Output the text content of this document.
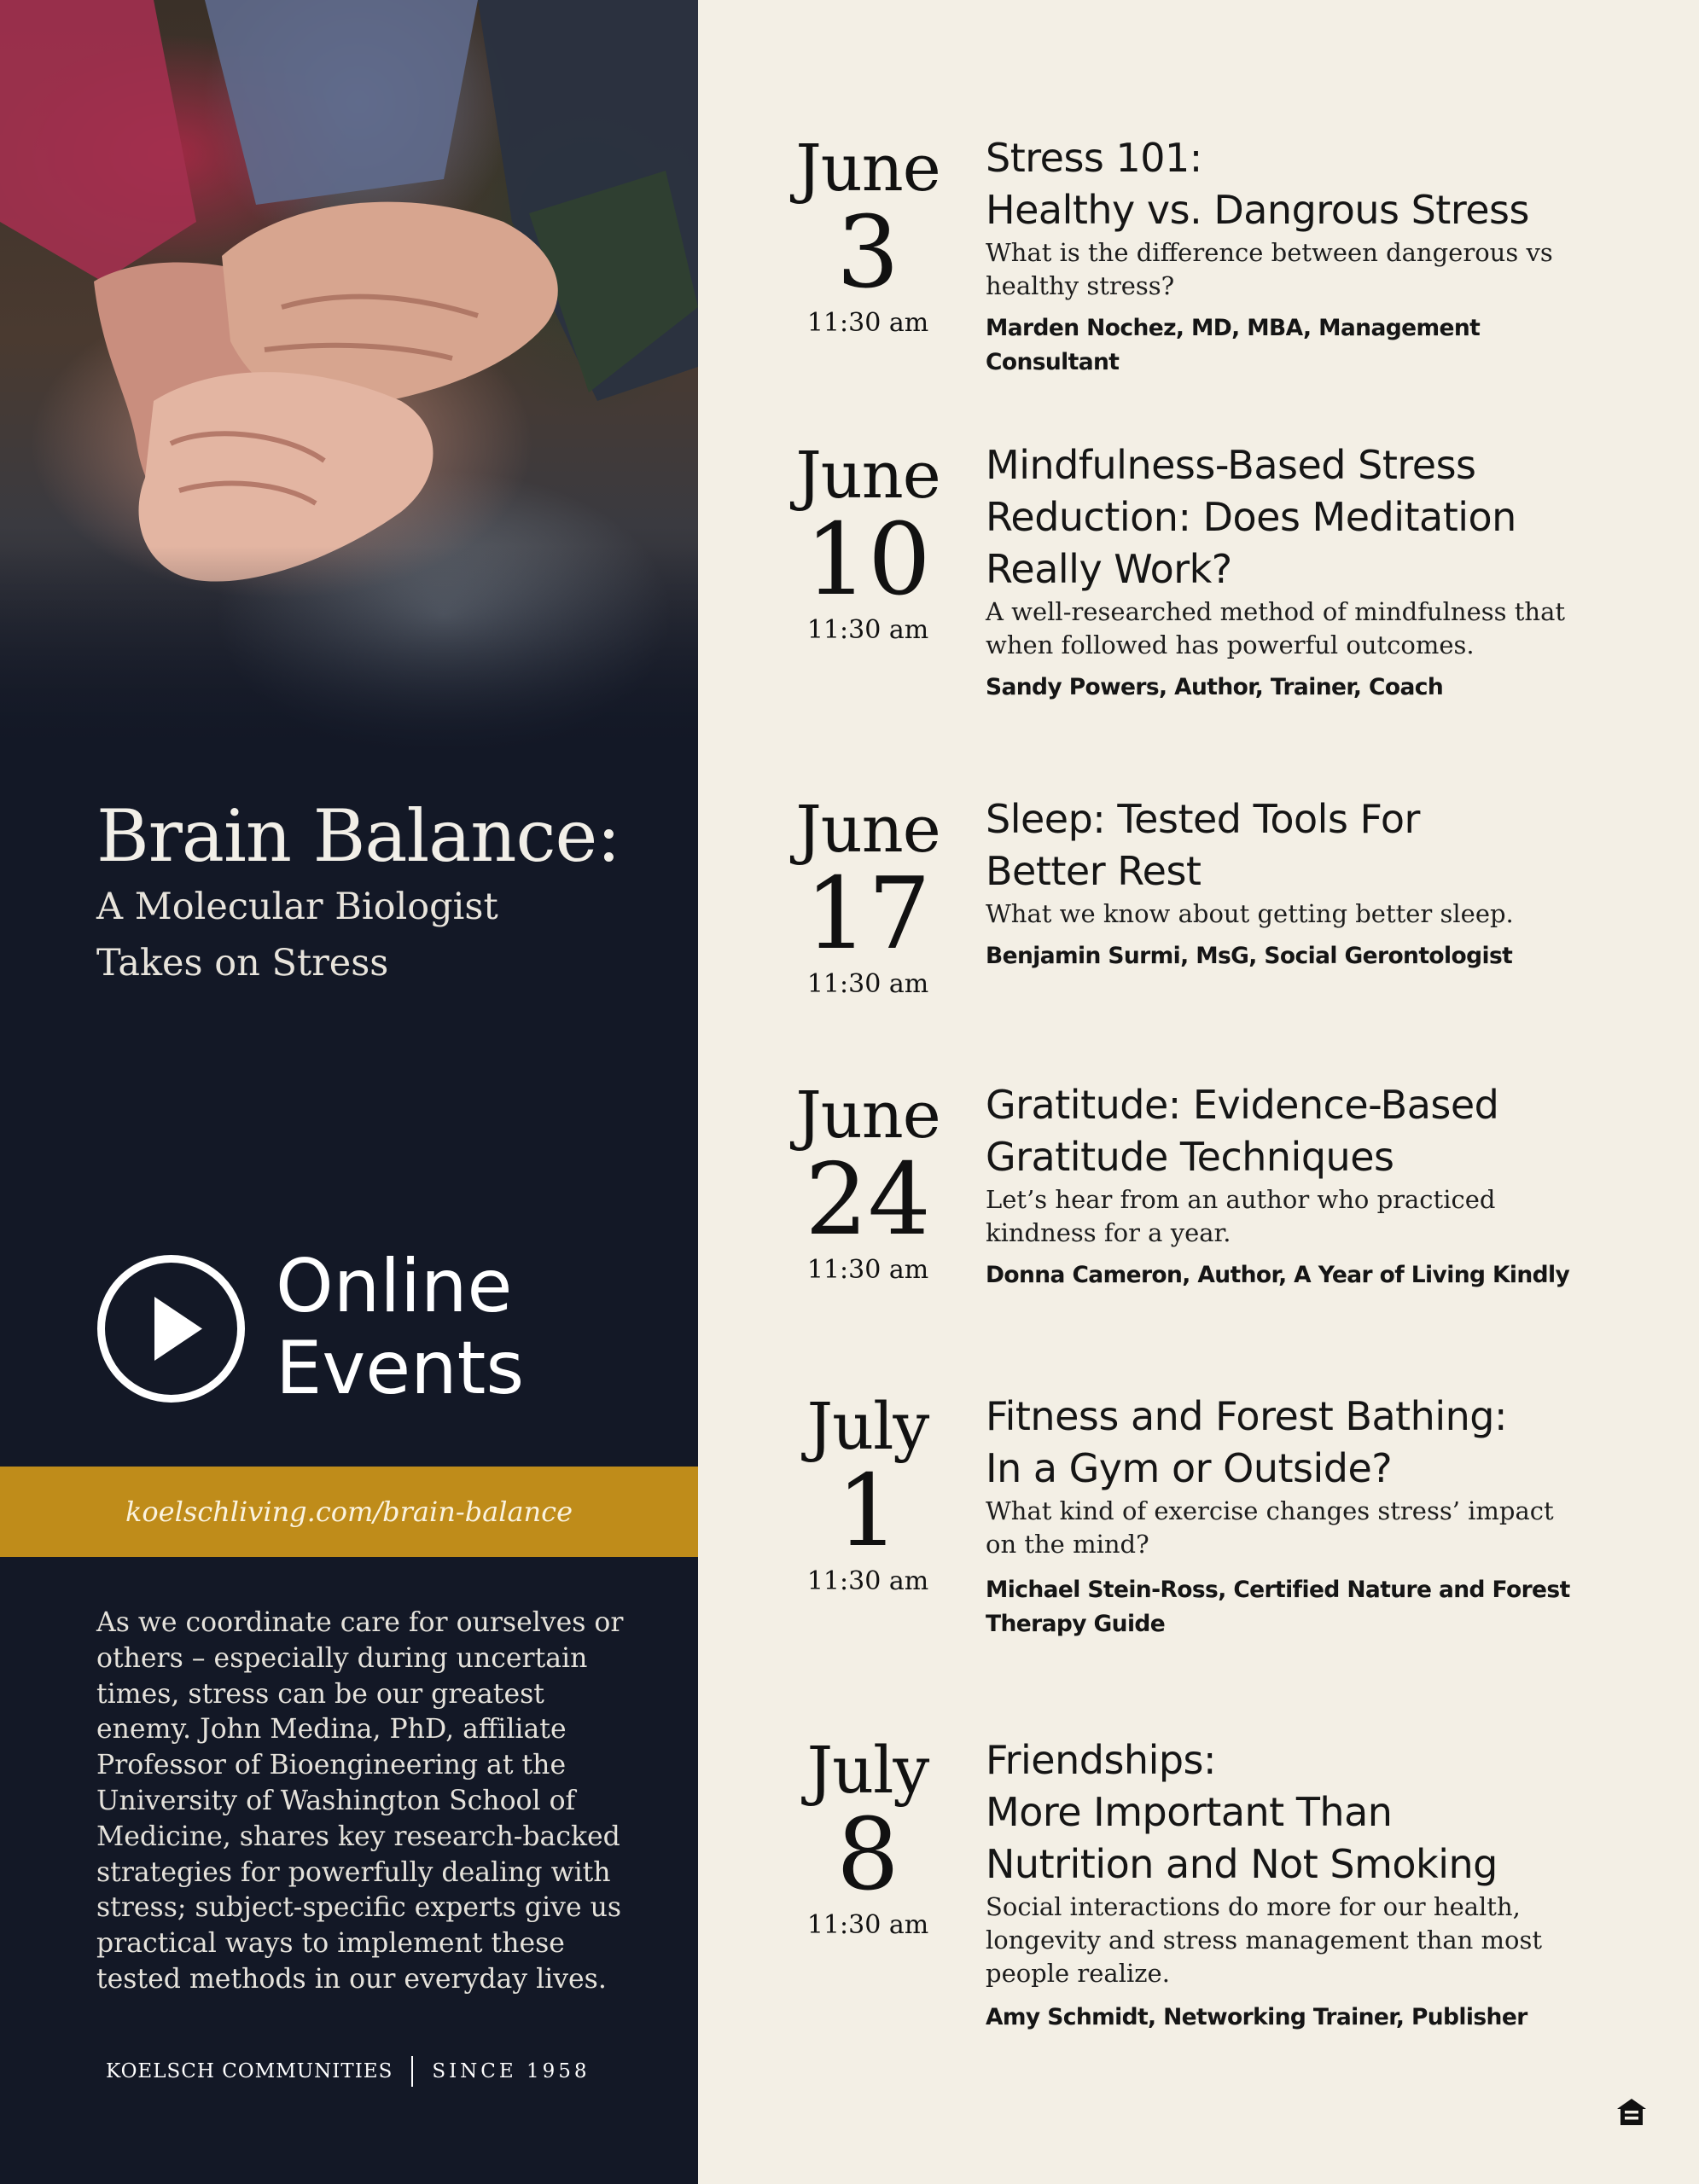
Brain Balance:

A Molecular Biologist
Takes on Stress

Online
Events
koelschliving.com/brain-balance

As we coordinate care for ourselves or others – especially during uncertain times, stress can be our greatest enemy. John Medina, PhD, affiliate Professor of Bioengineering at the University of Washington School of Medicine, shares key research-backed strategies for powerfully dealing with stress; subject-specific experts give us practical ways to implement these tested methods in our everyday lives.

KOELSCH COMMUNITIES SINCE 1958
June
3
11:30 am
Stress 101:
Healthy vs. Dangrous Stress

What is the difference between dangerous vs
healthy stress?

Marden Nochez, MD, MBA, Management Consultant

June
10
11:30 am
Mindfulness-Based Stress
Reduction: Does Meditation
Really Work?

A well-researched method of mindfulness that
when followed has powerful outcomes.

Sandy Powers, Author, Trainer, Coach

June
17
11:30 am
Sleep: Tested Tools For
Better Rest

What we know about getting better sleep.

Benjamin Surmi, MsG, Social Gerontologist

June
24
11:30 am
Gratitude: Evidence-Based
Gratitude Techniques

Let’s hear from an author who practiced
kindness for a year.

Donna Cameron, Author, A Year of Living Kindly

July
1
11:30 am
Fitness and Forest Bathing:
In a Gym or Outside?

What kind of exercise changes stress’ impact
on the mind?

Michael Stein-Ross, Certified Nature and Forest
Therapy Guide

July
8
11:30 am
Friendships:
More Important Than
Nutrition and Not Smoking

Social interactions do more for our health,
longevity and stress management than most
people realize.

Amy Schmidt, Networking Trainer, Publisher
